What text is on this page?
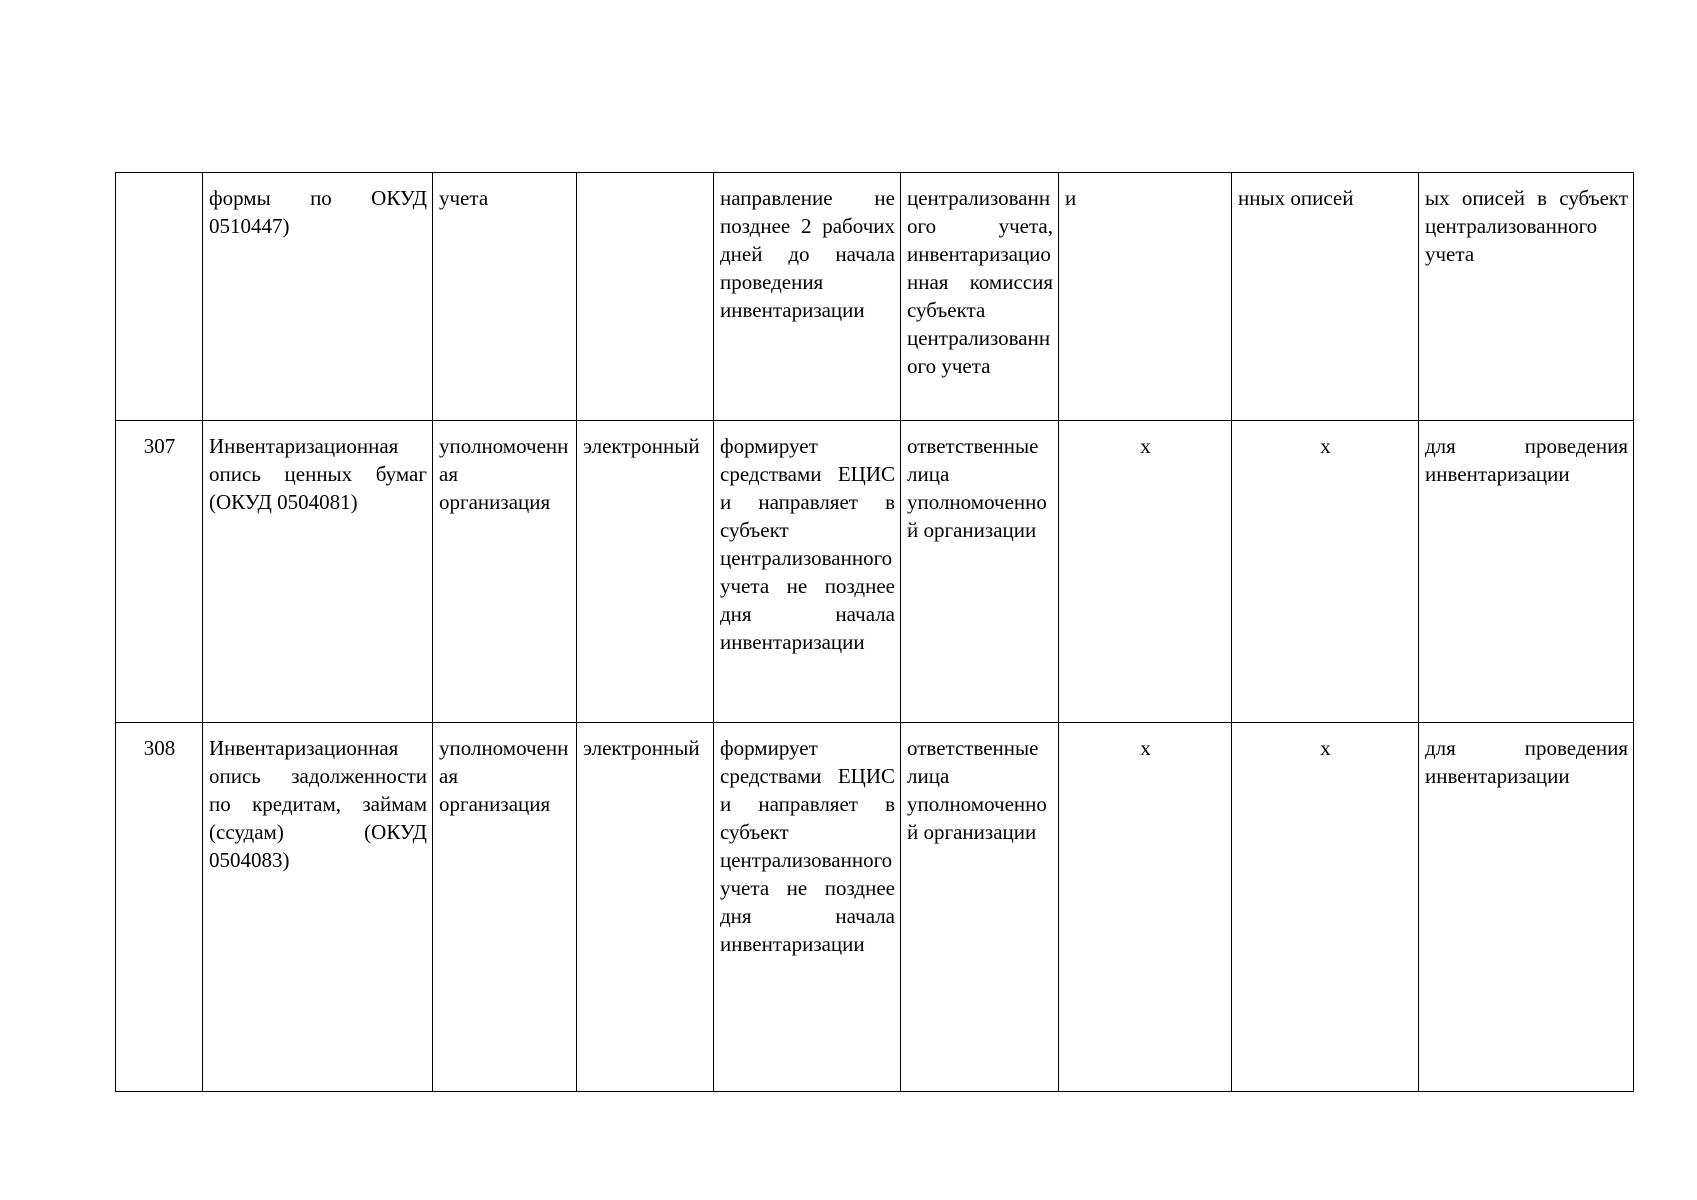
	формы по ОКУД 0510447)	учета		направление не позднее 2 рабочих дней до начала проведения инвентаризации	централизованного учета, инвентаризационная комиссия субъекта централизованного учета	и	нных описей	ых описей в субъект централизованного учета
307	Инвентаризационная опись ценных бумаг (ОКУД 0504081)	уполномоченная организация	электронный	формирует средствами ЕЦИС и направляет в субъект централизованного учета не позднее дня начала инвентаризации	ответственные лица уполномоченной организации	x	x	для проведения инвентаризации
308	Инвентаризационная опись задолженности по кредитам, займам (ссудам) (ОКУД 0504083)	уполномоченная организация	электронный	формирует средствами ЕЦИС и направляет в субъект централизованного учета не позднее дня начала инвентаризации	ответственные лица уполномоченной организации	x	x	для проведения инвентаризации
